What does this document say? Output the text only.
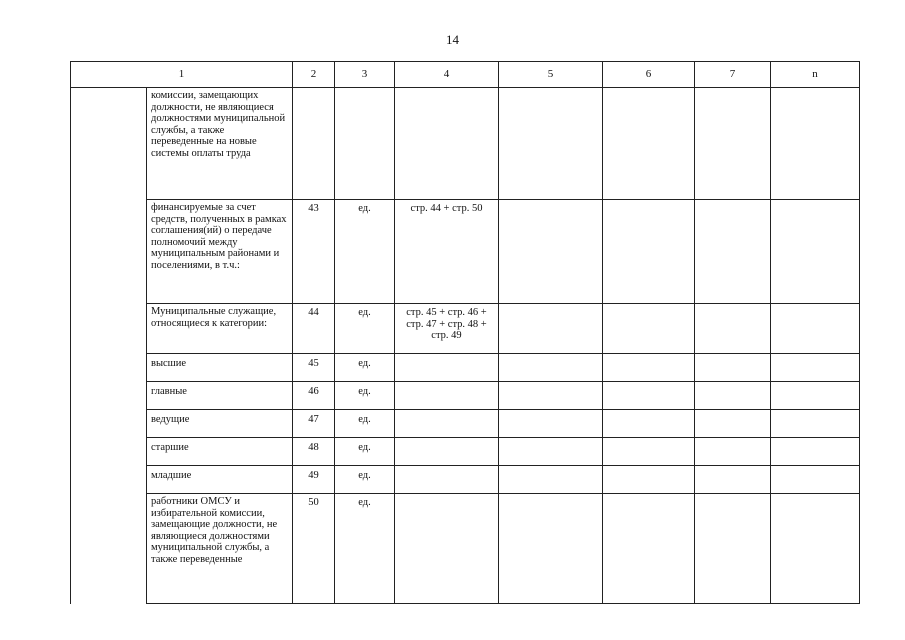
14
1		2	3	4	5	6	7	n
	комиссии, замещающих должности, не являющиеся должностями муниципальной службы, а также переведенные на новые системы оплаты труда							
	финансируемые за счет средств, полученных в рамках соглашения(ий) о передаче полномочий между муниципальным районами и поселениями, в т.ч.:	43	ед.	стр. 44 + стр. 50				
	Муниципальные служащие, относящиеся к категории:	44	ед.	стр. 45 + стр. 46 + стр. 47 + стр. 48 + стр. 49				
	высшие	45	ед.					
	главные	46	ед.					
	ведущие	47	ед.					
	старшие	48	ед.					
	младшие	49	ед.					
	работники ОМСУ и избирательной комиссии, замещающие должности, не являющиеся должностями муниципальной службы, а также переведенные	50	ед.					
